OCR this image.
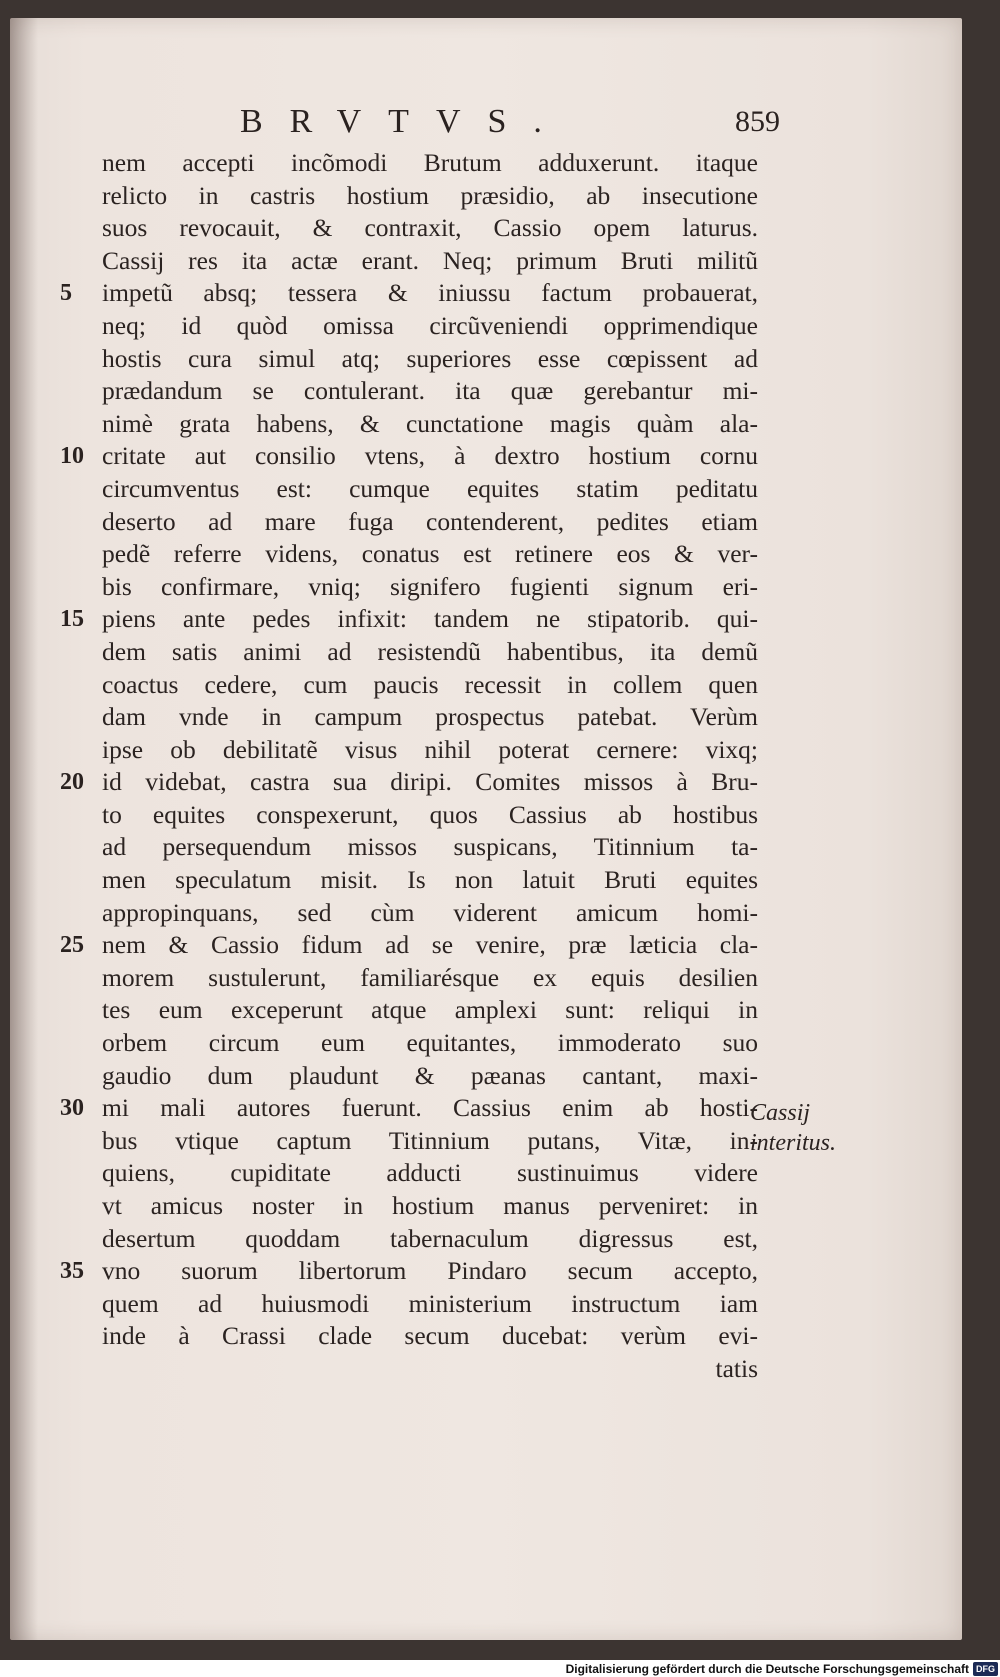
BRVTVS.	859
nem accepti incõmodi Brutum adduxerunt. itaque
relicto in castris hostium præsidio, ab insecutione
suos revocauit, & contraxit, Cassio opem laturus.
Cassij res ita actæ erant. Neq; primum Bruti militũ
5	impetũ absq; tessera & iniussu factum probauerat,
neq; id quòd omissa circũveniendi opprimendique
hostis cura simul atq; superiores esse cœpissent ad
prædandum se contulerant. ita quæ gerebantur mi-
nimè grata habens, & cunctatione magis quàm ala-
10 critate aut consilio vtens, à dextro hostium cornu
circumventus est: cumque equites statim peditatu
deserto ad mare fuga contenderent, pedites etiam
pedẽ referre videns, conatus est retinere eos & ver-
bis confirmare, vniq; signifero fugienti signum eri-
15 piens ante pedes infixit: tandem ne stipatorib. qui-
dem satis animi ad resistendũ habentibus, ita demũ
coactus cedere, cum paucis recessit in collem quen
dam vnde in campum prospectus patebat. Verùm
ipse ob debilitatẽ visus nihil poterat cernere: vixq;
20 id videbat, castra sua diripi. Comites missos à Bru-
to equites conspexerunt, quos Cassius ab hostibus
ad persequendum missos suspicans, Titinnium ta-
men speculatum misit. Is non latuit Bruti equites
appropinquans, sed cùm viderent amicum homi-
25 nem & Cassio fidum ad se venire, præ læticia cla-
morem sustulerunt, familiarésque ex equis desilien
tes eum exceperunt atque amplexi sunt: reliqui in
orbem circum eum equitantes, immoderato suo
gaudio dum plaudunt & pæanas cantant, maxi-
30 mi mali autores fuerunt. Cassius enim ab hosti-
bus vtique captum Titinnium putans, Vitæ, in-
quiens, cupiditate adducti sustinuimus videre
vt amicus noster in hostium manus perveniret: in
desertum quoddam tabernaculum digressus est,
35 vno suorum libertorum Pindaro secum accepto,
quem ad huiusmodi ministerium instructum iam
inde à Crassi clade secum ducebat: verùm evi-
tatis
Cassij interitus.
Digitalisierung gefördert durch die Deutsche Forschungsgemeinschaft DFG
